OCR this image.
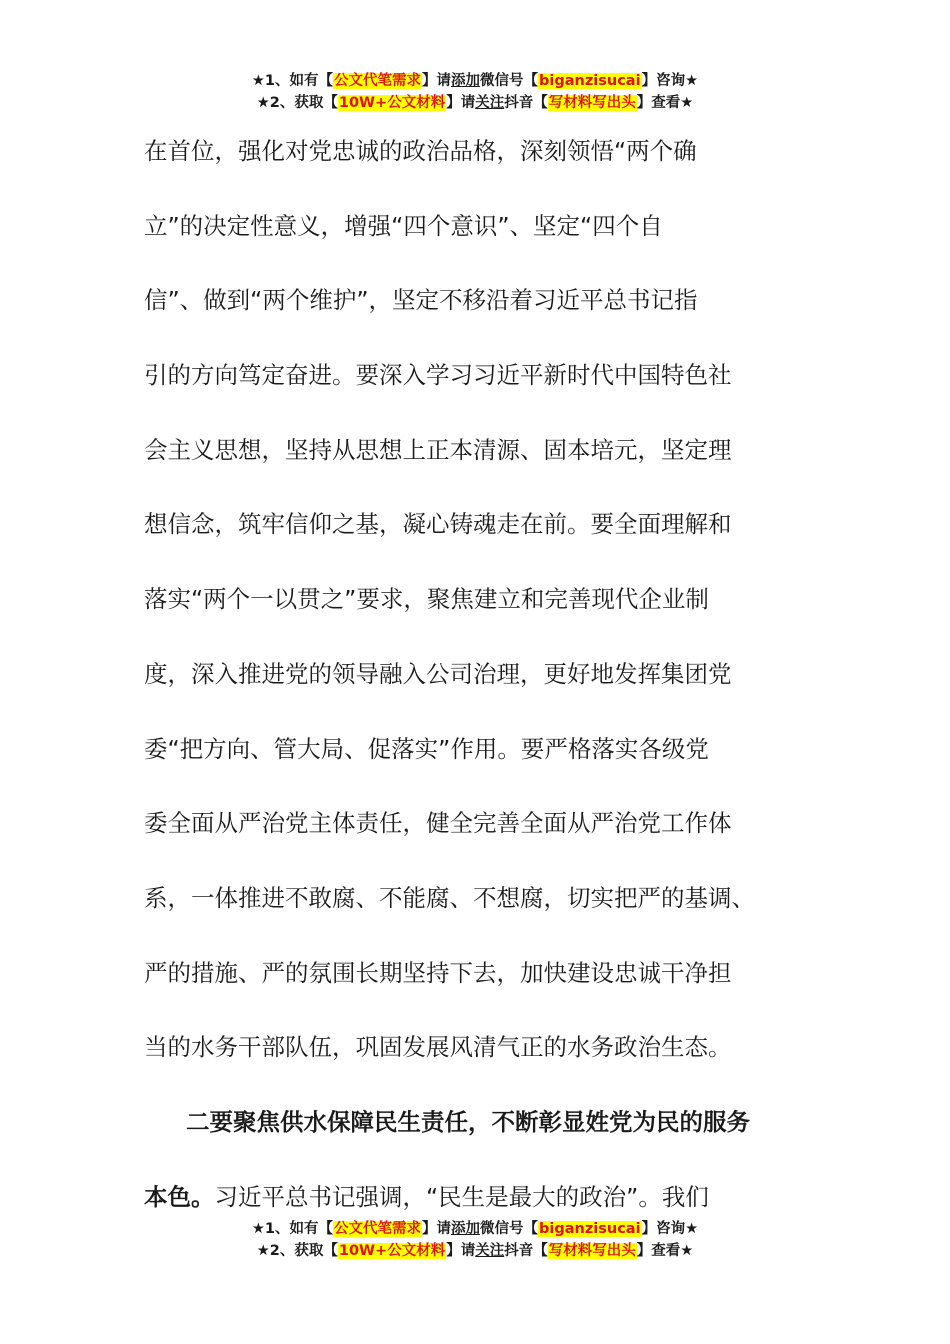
★1、如有【公文代笔需求】请添加微信号【biganzisucai】咨询★
★2、获取【10W+公文材料】请关注抖音【写材料写出头】查看★
在首位，强化对党忠诚的政治品格，深刻领悟“两个确
立”的决定性意义，增强“四个意识”、坚定“四个自
信”、做到“两个维护”，坚定不移沿着习近平总书记指
引的方向笃定奋进。要深入学习习近平新时代中国特色社
会主义思想，坚持从思想上正本清源、固本培元，坚定理
想信念，筑牢信仰之基，凝心铸魂走在前。要全面理解和
落实“两个一以贯之”要求，聚焦建立和完善现代企业制
度，深入推进党的领导融入公司治理，更好地发挥集团党
委“把方向、管大局、促落实”作用。要严格落实各级党
委全面从严治党主体责任，健全完善全面从严治党工作体
系，一体推进不敢腐、不能腐、不想腐，切实把严的基调、
严的措施、严的氛围长期坚持下去，加快建设忠诚干净担
当的水务干部队伍，巩固发展风清气正的水务政治生态。
二要聚焦供水保障民生责任，不断彰显姓党为民的服务
本色。习近平总书记强调，“民生是最大的政治”。我们
★1、如有【公文代笔需求】请添加微信号【biganzisucai】咨询★
★2、获取【10W+公文材料】请关注抖音【写材料写出头】查看★
